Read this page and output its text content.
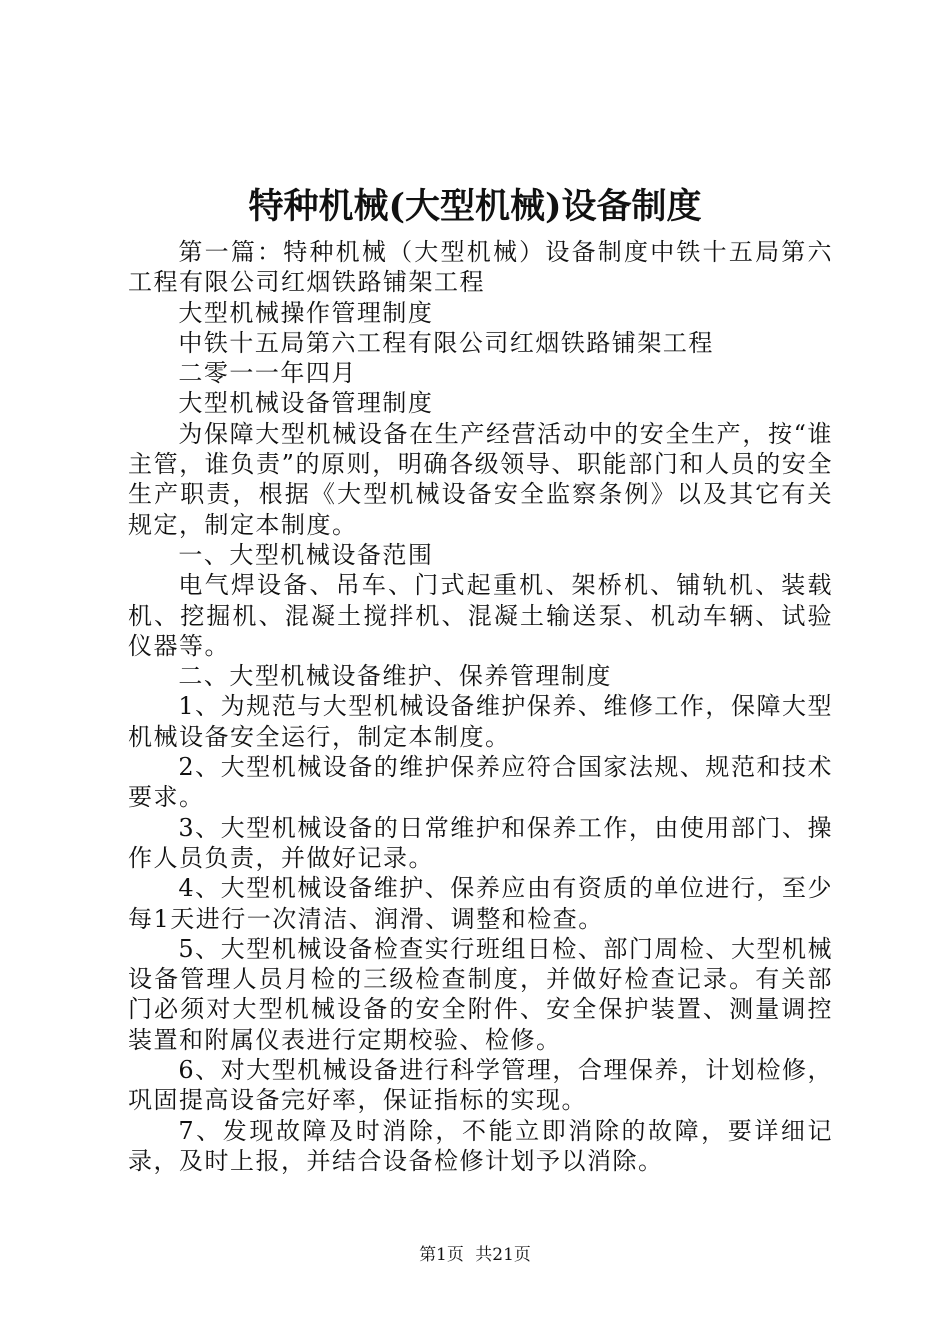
特种机械(大型机械)设备制度

第一篇：特种机械（大型机械）设备制度中铁十五局第六工程有限公司红烟铁路铺架工程

大型机械操作管理制度

中铁十五局第六工程有限公司红烟铁路铺架工程

二零一一年四月

大型机械设备管理制度

为保障大型机械设备在生产经营活动中的安全生产，按“谁主管，谁负责”的原则，明确各级领导、职能部门和人员的安全生产职责，根据《大型机械设备安全监察条例》以及其它有关规定，制定本制度。

一、大型机械设备范围

电气焊设备、吊车、门式起重机、架桥机、铺轨机、装载机、挖掘机、混凝土搅拌机、混凝土输送泵、机动车辆、试验仪器等。

二、大型机械设备维护、保养管理制度

1、为规范与大型机械设备维护保养、维修工作，保障大型机械设备安全运行，制定本制度。

2、大型机械设备的维护保养应符合国家法规、规范和技术要求。

3、大型机械设备的日常维护和保养工作，由使用部门、操作人员负责，并做好记录。

4、大型机械设备维护、保养应由有资质的单位进行，至少每1天进行一次清洁、润滑、调整和检查。

5、大型机械设备检查实行班组日检、部门周检、大型机械设备管理人员月检的三级检查制度，并做好检查记录。有关部门必须对大型机械设备的安全附件、安全保护装置、测量调控装置和附属仪表进行定期校验、检修。

6、对大型机械设备进行科学管理，合理保养，计划检修，巩固提高设备完好率，保证指标的实现。

7、发现故障及时消除，不能立即消除的故障，要详细记录，及时上报，并结合设备检修计划予以消除。

第1页 共21页
